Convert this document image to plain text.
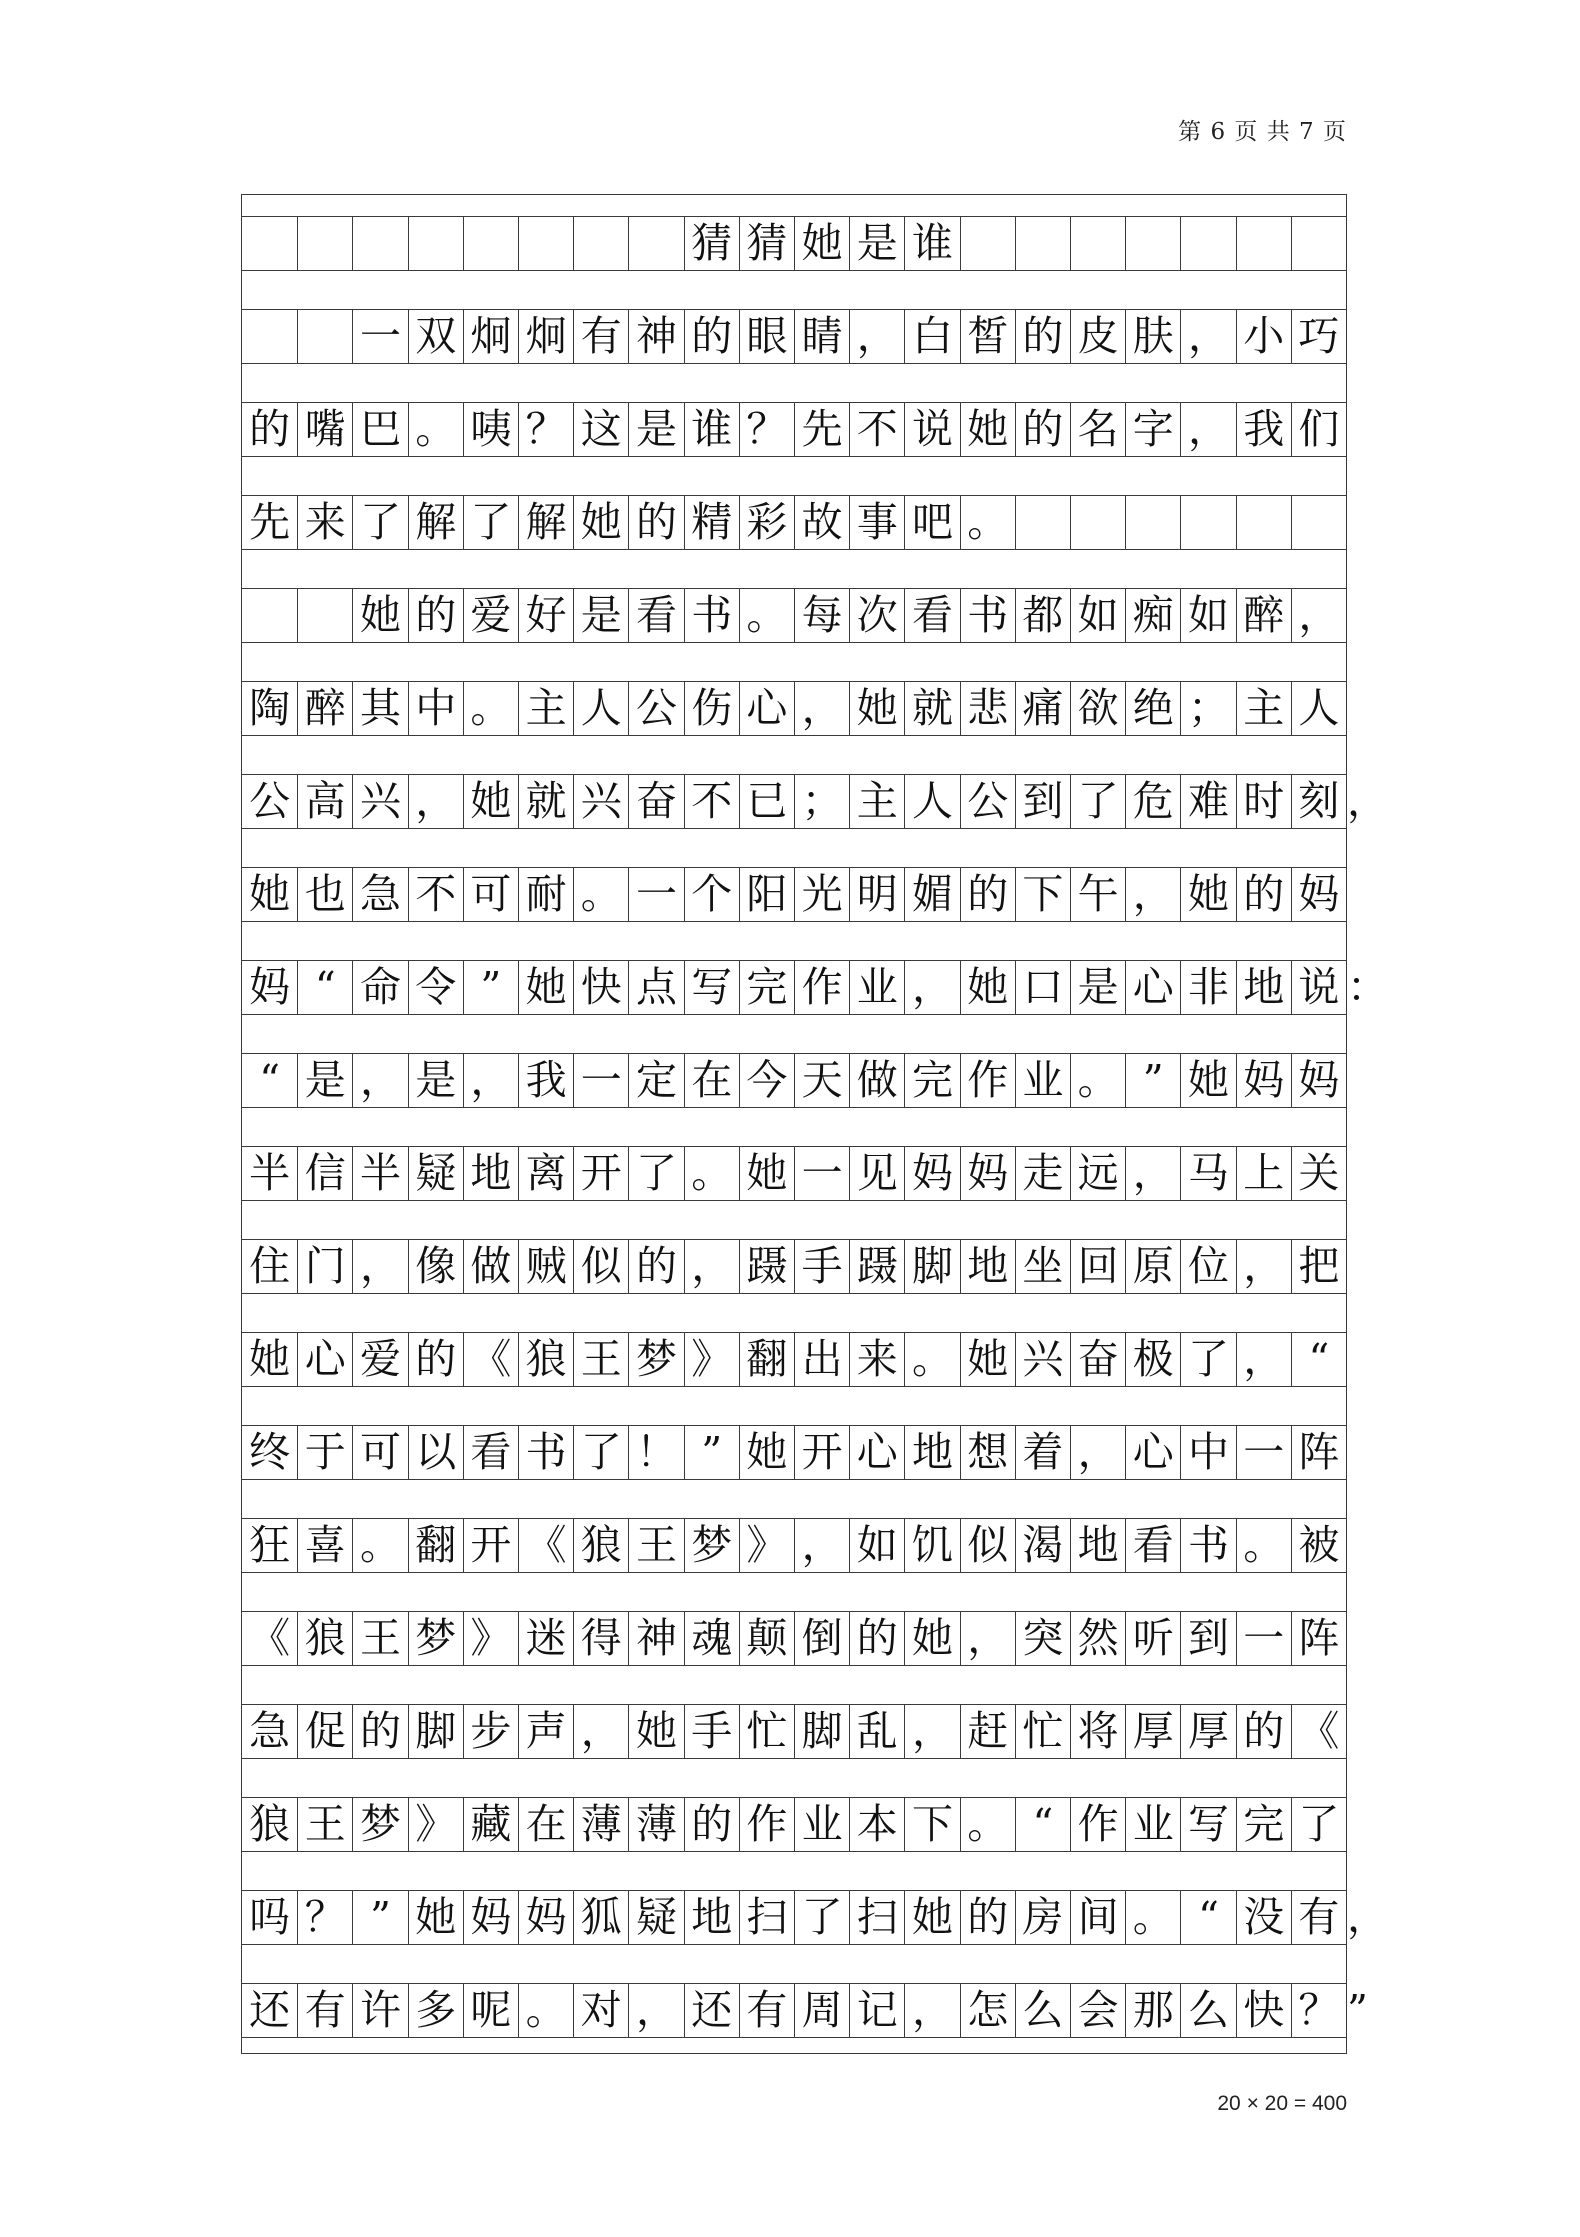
第 6 页 共 7 页
猜 猜 她 是 谁
一 双 炯 炯 有 神 的 眼 睛 ， 白 皙 的 皮 肤 ， 小 巧
的 嘴 巴 。 咦 ？ 这 是 谁 ？ 先 不 说 她 的 名 字 ， 我 们
先 来 了 解 了 解 她 的 精 彩 故 事 吧 。
她 的 爱 好 是 看 书 。 每 次 看 书 都 如 痴 如 醉 ，
陶 醉 其 中 。 主 人 公 伤 心 ， 她 就 悲 痛 欲 绝 ； 主 人
公 高 兴 ， 她 就 兴 奋 不 已 ； 主 人 公 到 了 危 难 时 刻 ，
她 也 急 不 可 耐 。 一 个 阳 光 明 媚 的 下 午 ， 她 的 妈
妈 “ 命 令 ” 她 快 点 写 完 作 业 ， 她 口 是 心 非 地 说 ：
“ 是 ， 是 ， 我 一 定 在 今 天 做 完 作 业 。 ” 她 妈 妈
半 信 半 疑 地 离 开 了 。 她 一 见 妈 妈 走 远 ， 马 上 关
住 门 ， 像 做 贼 似 的 ， 蹑 手 蹑 脚 地 坐 回 原 位 ， 把
她 心 爱 的 《 狼 王 梦 》 翻 出 来 。 她 兴 奋 极 了 ， “
终 于 可 以 看 书 了 ！ ” 她 开 心 地 想 着 ， 心 中 一 阵
狂 喜 。 翻 开 《 狼 王 梦 》 ， 如 饥 似 渴 地 看 书 。 被
《 狼 王 梦 》 迷 得 神 魂 颠 倒 的 她 ， 突 然 听 到 一 阵
急 促 的 脚 步 声 ， 她 手 忙 脚 乱 ， 赶 忙 将 厚 厚 的 《
狼 王 梦 》 藏 在 薄 薄 的 作 业 本 下 。 “ 作 业 写 完 了
吗 ？ ” 她 妈 妈 狐 疑 地 扫 了 扫 她 的 房 间 。 “ 没 有 ，
还 有 许 多 呢 。 对 ， 还 有 周 记 ， 怎 么 会 那 么 快 ？ ”
20 × 20 = 400
